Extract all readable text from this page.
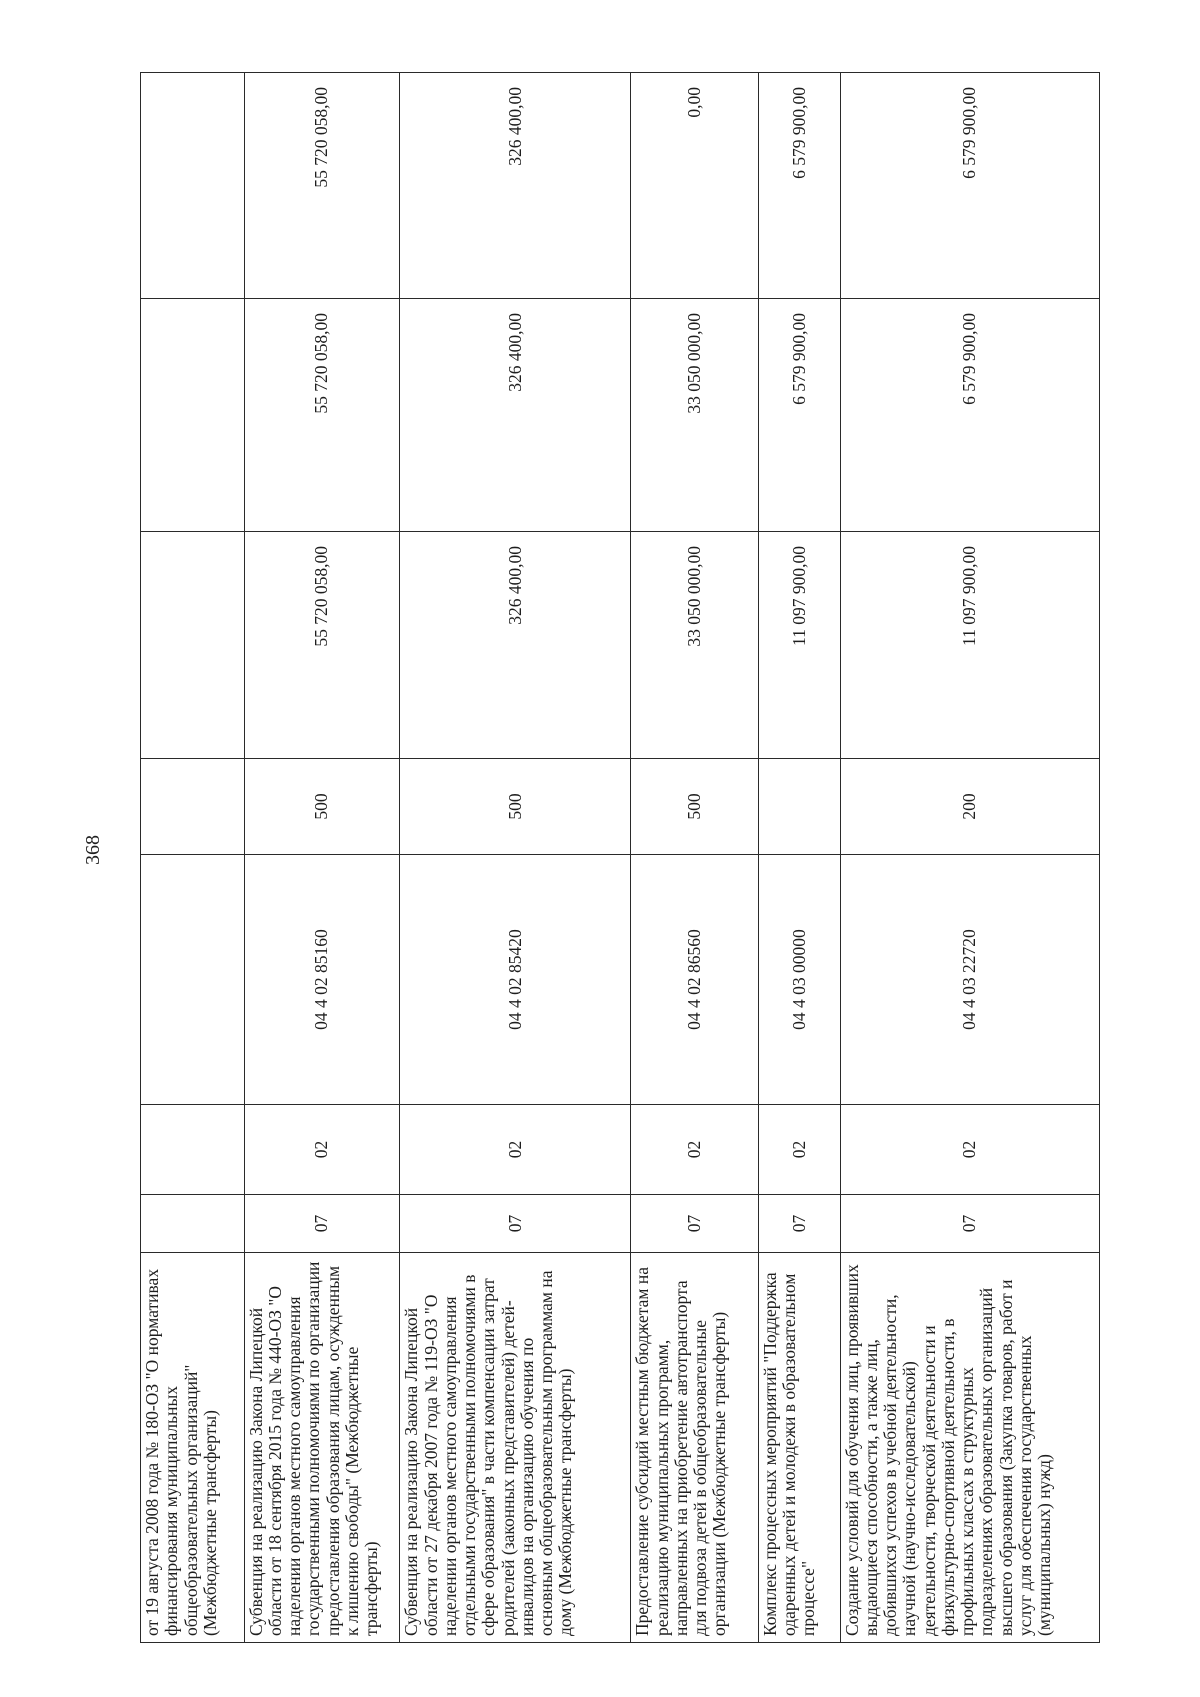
368
от 19 августа 2008 года № 180-ОЗ "О нормативах финансирования муниципальных общеобразовательных организаций" (Межбюджетные трансферты)							
Субвенция на реализацию Закона Липецкой области от 18 сентября 2015 года № 440-ОЗ "О наделении органов местного самоуправления государственными полномочиями по организации предоставления образования лицам, осужденным к лишению свободы" (Межбюджетные трансферты)	07	02	04 4 02 85160	500	55 720 058,00	55 720 058,00	55 720 058,00
Субвенция на реализацию Закона Липецкой области от 27 декабря 2007 года № 119-ОЗ "О наделении органов местного самоуправления отдельными государственными полномочиями в сфере образования" в части компенсации затрат родителей (законных представителей) детей-инвалидов на организацию обучения по основным общеобразовательным программам на дому (Межбюджетные трансферты)	07	02	04 4 02 85420	500	326 400,00	326 400,00	326 400,00
Предоставление субсидий местным бюджетам на реализацию муниципальных программ, направленных на приобретение автотранспорта для подвоза детей в общеобразовательные организации (Межбюджетные трансферты)	07	02	04 4 02 86560	500	33 050 000,00	33 050 000,00	0,00
Комплекс процессных мероприятий "Поддержка одаренных детей и молодежи в образовательном процессе"	07	02	04 4 03 00000		11 097 900,00	6 579 900,00	6 579 900,00
Создание условий для обучения лиц, проявивших выдающиеся способности, а также лиц, добившихся успехов в учебной деятельности, научной (научно-исследовательской) деятельности, творческой деятельности и физкультурно-спортивной деятельности, в профильных классах в структурных подразделениях образовательных организаций высшего образования (Закупка товаров, работ и услуг для обеспечения государственных (муниципальных) нужд)	07	02	04 4 03 22720	200	11 097 900,00	6 579 900,00	6 579 900,00
